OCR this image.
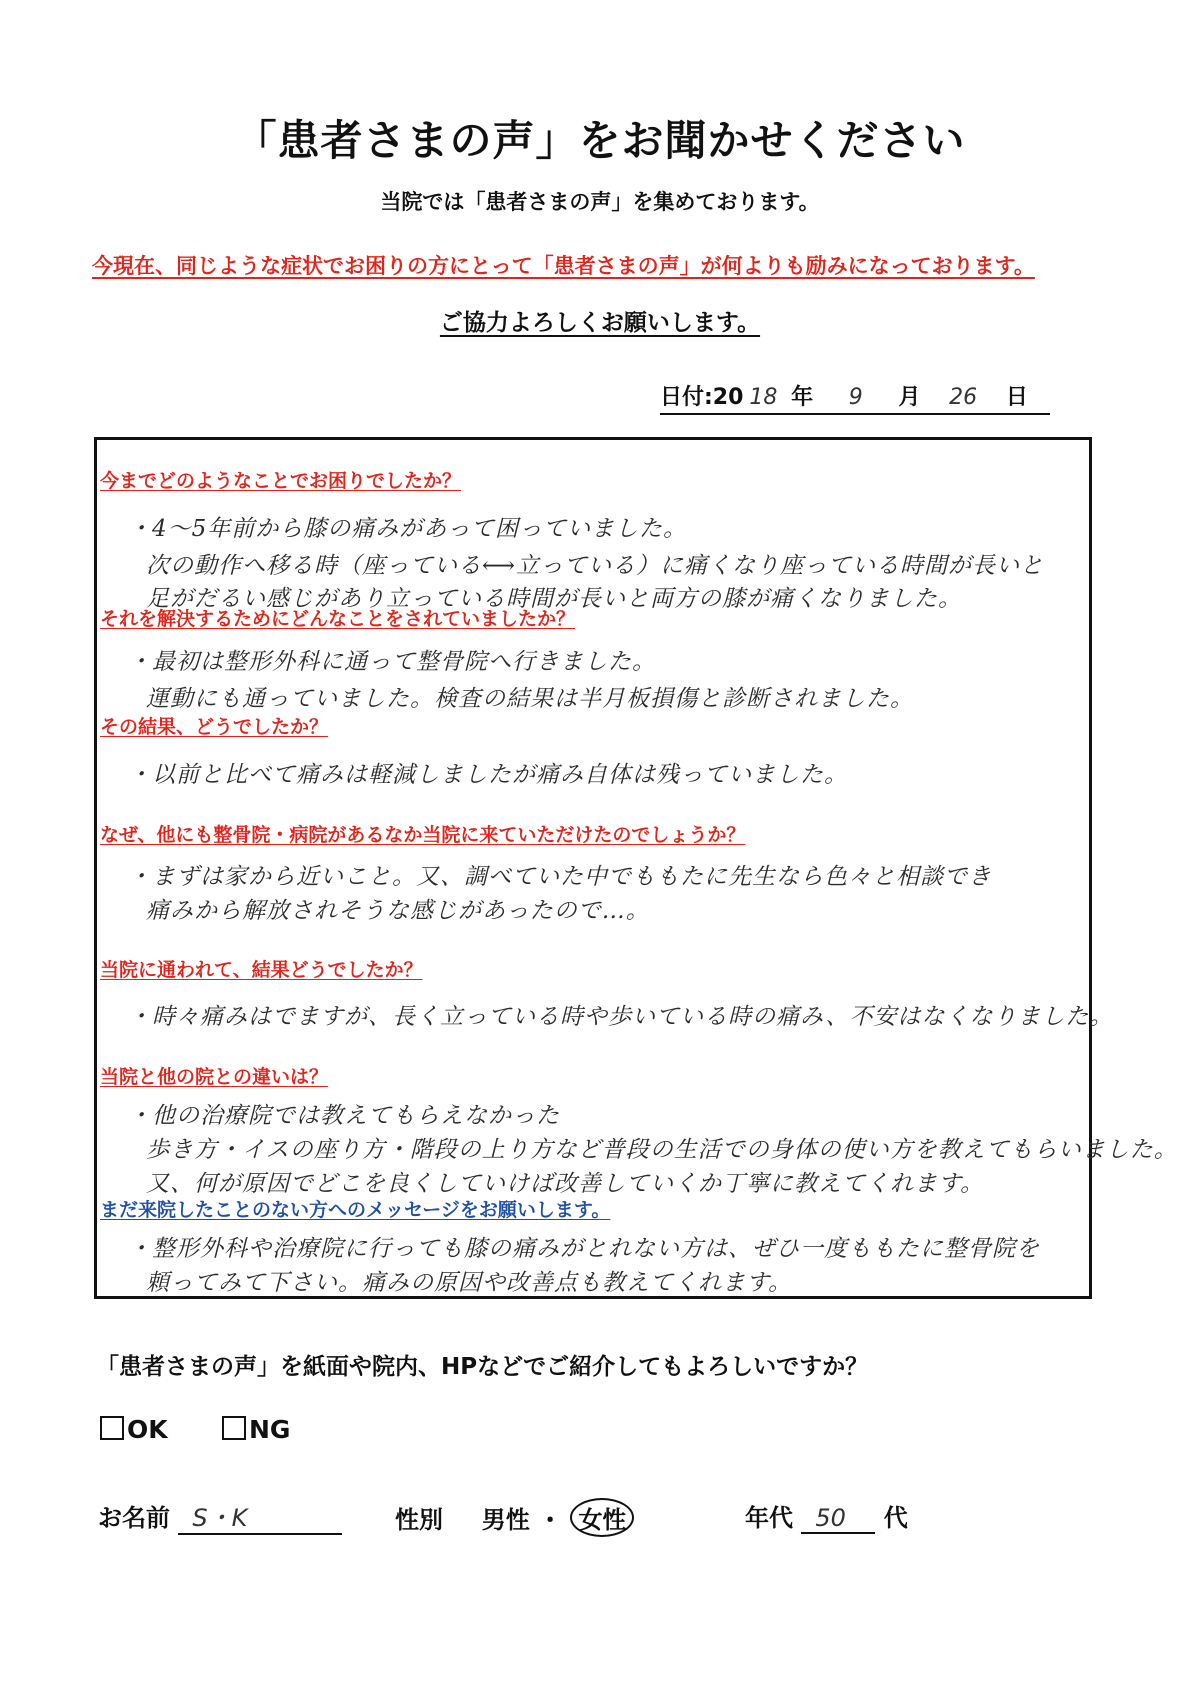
「患者さまの声」をお聞かせください
当院では「患者さまの声」を集めております。
今現在、同じような症状でお困りの方にとって「患者さまの声」が何よりも励みになっております。
ご協力よろしくお願いします。
日付:20 18 年 9 月 26 日
今までどのようなことでお困りでしたか？
・4〜5年前から膝の痛みがあって困っていました。
次の動作へ移る時（座っている⟷立っている）に痛くなり座っている時間が長いと
足がだるい感じがあり立っている時間が長いと両方の膝が痛くなりました。
それを解決するためにどんなことをされていましたか？
・最初は整形外科に通って整骨院へ行きました。
運動にも通っていました。検査の結果は半月板損傷と診断されました。
その結果、どうでしたか？
・以前と比べて痛みは軽減しましたが痛み自体は残っていました。
なぜ、他にも整骨院・病院があるなか当院に来ていただけたのでしょうか？
・まずは家から近いこと。又、調べていた中でももたに先生なら色々と相談でき
痛みから解放されそうな感じがあったので…。
当院に通われて、結果どうでしたか？
・時々痛みはでますが、長く立っている時や歩いている時の痛み、不安はなくなりました。
当院と他の院との違いは？
・他の治療院では教えてもらえなかった
歩き方・イスの座り方・階段の上り方など普段の生活での身体の使い方を教えてもらいました。
又、何が原因でどこを良くしていけば改善していくか丁寧に教えてくれます。
まだ来院したことのない方へのメッセージをお願いします。
・整形外科や治療院に行っても膝の痛みがとれない方は、ぜひ一度ももたに整骨院を
頼ってみて下さい。痛みの原因や改善点も教えてくれます。
「患者さまの声」を紙面や院内、HPなどでご紹介してもよろしいですか？
OK	NG
お名前 S・K	性別 男性 ・ 女性	年代 50 代
